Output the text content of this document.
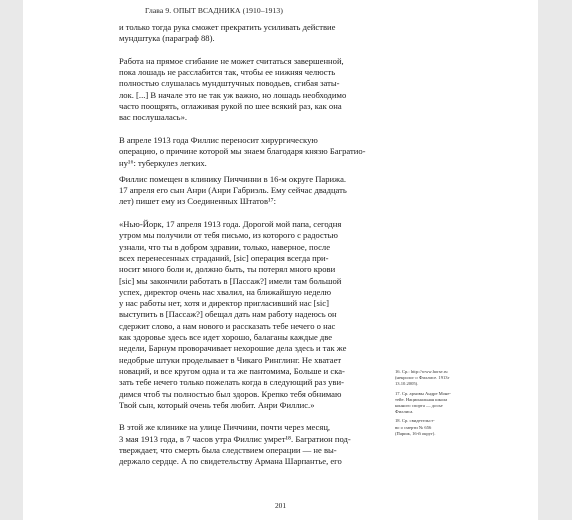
Глава 9. ОПЫТ ВСАДНИКА (1910–1913)

и только тогда рука сможет прекратить усиливать действие
мундштука (параграф 88).

Работа на прямое сгибание не может считаться завершенной,
пока лошадь не расслабится так, чтобы ее нижняя челюсть
полностью слушалась мундштучных поводьев, сгибая заты-
лок. [...] В начале это не так уж важно, но лошадь необходимо
часто поощрять, оглаживая рукой по шее всякий раз, как она
вас послушалась».

В апреле 1913 года Филлис переносит хирургическую
операцию, о причине которой мы знаем благодаря князю Багратио-
ну¹⁶: туберкулез легких.

Филлис помещен в клинику Пиччинни в 16-м округе Парижа.
17 апреля его сын Анри (Анри Габриэль. Ему сейчас двадцать
лет) пишет ему из Соединенных Штатов¹⁷:

«Нью-Йорк, 17 апреля 1913 года. Дорогой мой папа, сегодня
утром мы получили от тебя письмо, из которого с радостью
узнали, что ты в добром здравии, только, наверное, после
всех перенесенных страданий, [sic] операция всегда при-
носит много боли и, должно быть, ты потерял много крови
[sic] мы закончили работать в [Пассаж?] имели там большой
успех, директор очень нас хвалил, на ближайшую неделю
у нас работы нет, хотя и директор пригласивший нас [sic]
выступить в [Пассаж?] обещал дать нам работу надеюсь он
сдержит слово, а нам нового и рассказать тебе нечего о нас
как здоровье здесь все идет хорошо, балаганы каждые две
недели, Барнум проворачивает нехорошие дела здесь и так же
недобрые штуки проделывает в Чикаго Ринглинг. Не хватает
новаций, и все кругом одна и та же пантомима, Больше и ска-
зать тебе нечего только пожелать когда в следующий раз уви-
димся чтоб ты полностью был здоров. Крепко тебя обнимаю
Твой сын, который очень тебя любит. Анри Филлис.»

В этой же клинике на улице Пиччини, почти через месяц,
3 мая 1913 года, в 7 часов утра Филлис умрет¹⁸. Багратион под-
тверждает, что смерть была следствием операции — не вы-
держало сердце. А по свидетельству Армана Шарпантье, его

16. Ср.: http://www.horse.ru
(некролог о Филлисе. 1913г
13.10.2005).
17. Ср. архивы Андре Моне-
тейе. Национальная школа
конного спорта — досье
Филлиса.
18. Ср. свидетельст-
во о смерти № 656
(Париж, 16-й округ).
201
